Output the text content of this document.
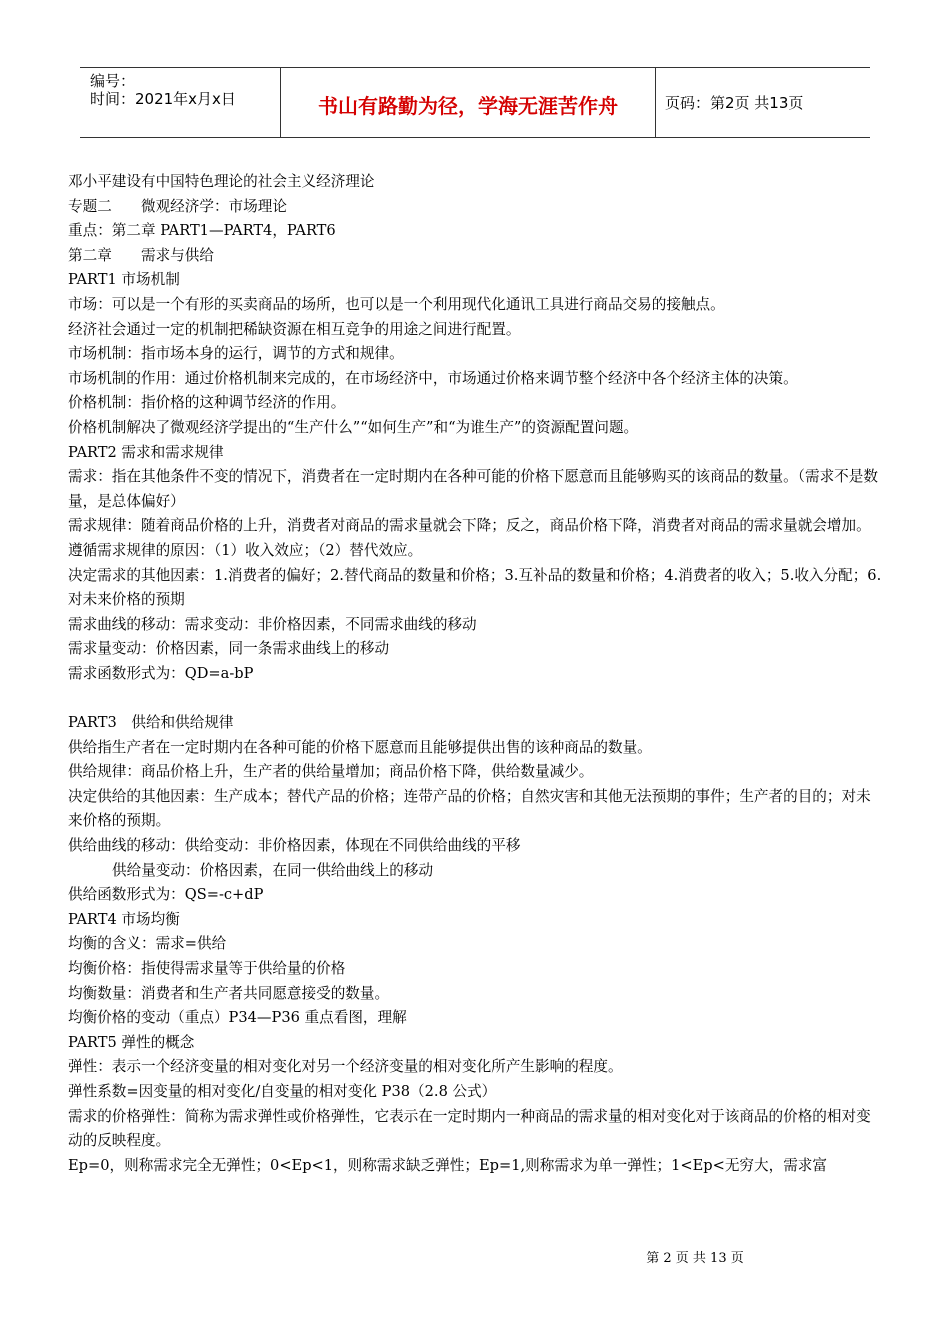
编号：
时间：2021年x月x日	书山有路勤为径，学海无涯苦作舟	页码：第2页 共13页

邓小平建设有中国特色理论的社会主义经济理论

专题二　　微观经济学：市场理论

重点：第二章 PART1—PART4，PART6

第二章　　需求与供给

PART1 市场机制

市场：可以是一个有形的买卖商品的场所，也可以是一个利用现代化通讯工具进行商品交易的接触点。

经济社会通过一定的机制把稀缺资源在相互竞争的用途之间进行配置。

市场机制：指市场本身的运行，调节的方式和规律。

市场机制的作用：通过价格机制来完成的，在市场经济中，市场通过价格来调节整个经济中各个经济主体的决策。

价格机制：指价格的这种调节经济的作用。

价格机制解决了微观经济学提出的“生产什么”“如何生产”和“为谁生产”的资源配置问题。

PART2 需求和需求规律

需求：指在其他条件不变的情况下，消费者在一定时期内在各种可能的价格下愿意而且能够购买的该商品的数量。（需求不是数量，是总体偏好）

需求规律：随着商品价格的上升，消费者对商品的需求量就会下降；反之，商品价格下降，消费者对商品的需求量就会增加。

遵循需求规律的原因：（1）收入效应；（2）替代效应。

决定需求的其他因素：1.消费者的偏好；2.替代商品的数量和价格；3.互补品的数量和价格；4.消费者的收入；5.收入分配；6.对未来价格的预期

需求曲线的移动：需求变动：非价格因素，不同需求曲线的移动

需求量变动：价格因素，同一条需求曲线上的移动

需求函数形式为：QD=a-bP

PART3　供给和供给规律

供给指生产者在一定时期内在各种可能的价格下愿意而且能够提供出售的该种商品的数量。

供给规律：商品价格上升，生产者的供给量增加；商品价格下降，供给数量减少。

决定供给的其他因素：生产成本；替代产品的价格；连带产品的价格；自然灾害和其他无法预期的事件；生产者的目的；对未来价格的预期。

供给曲线的移动：供给变动：非价格因素，体现在不同供给曲线的平移

供给量变动：价格因素，在同一供给曲线上的移动

供给函数形式为：QS=-c+dP

PART4 市场均衡

均衡的含义：需求=供给

均衡价格：指使得需求量等于供给量的价格

均衡数量：消费者和生产者共同愿意接受的数量。

均衡价格的变动（重点）P34—P36 重点看图，理解

PART5 弹性的概念

弹性：表示一个经济变量的相对变化对另一个经济变量的相对变化所产生影响的程度。

弹性系数=因变量的相对变化/自变量的相对变化 P38（2.8 公式）

需求的价格弹性：简称为需求弹性或价格弹性，它表示在一定时期内一种商品的需求量的相对变化对于该商品的价格的相对变动的反映程度。

Ep=0，则称需求完全无弹性；0<Ep<1，则称需求缺乏弹性；Ep=1,则称需求为单一弹性；1<Ep<无穷大，需求富

第 2 页 共 13 页
